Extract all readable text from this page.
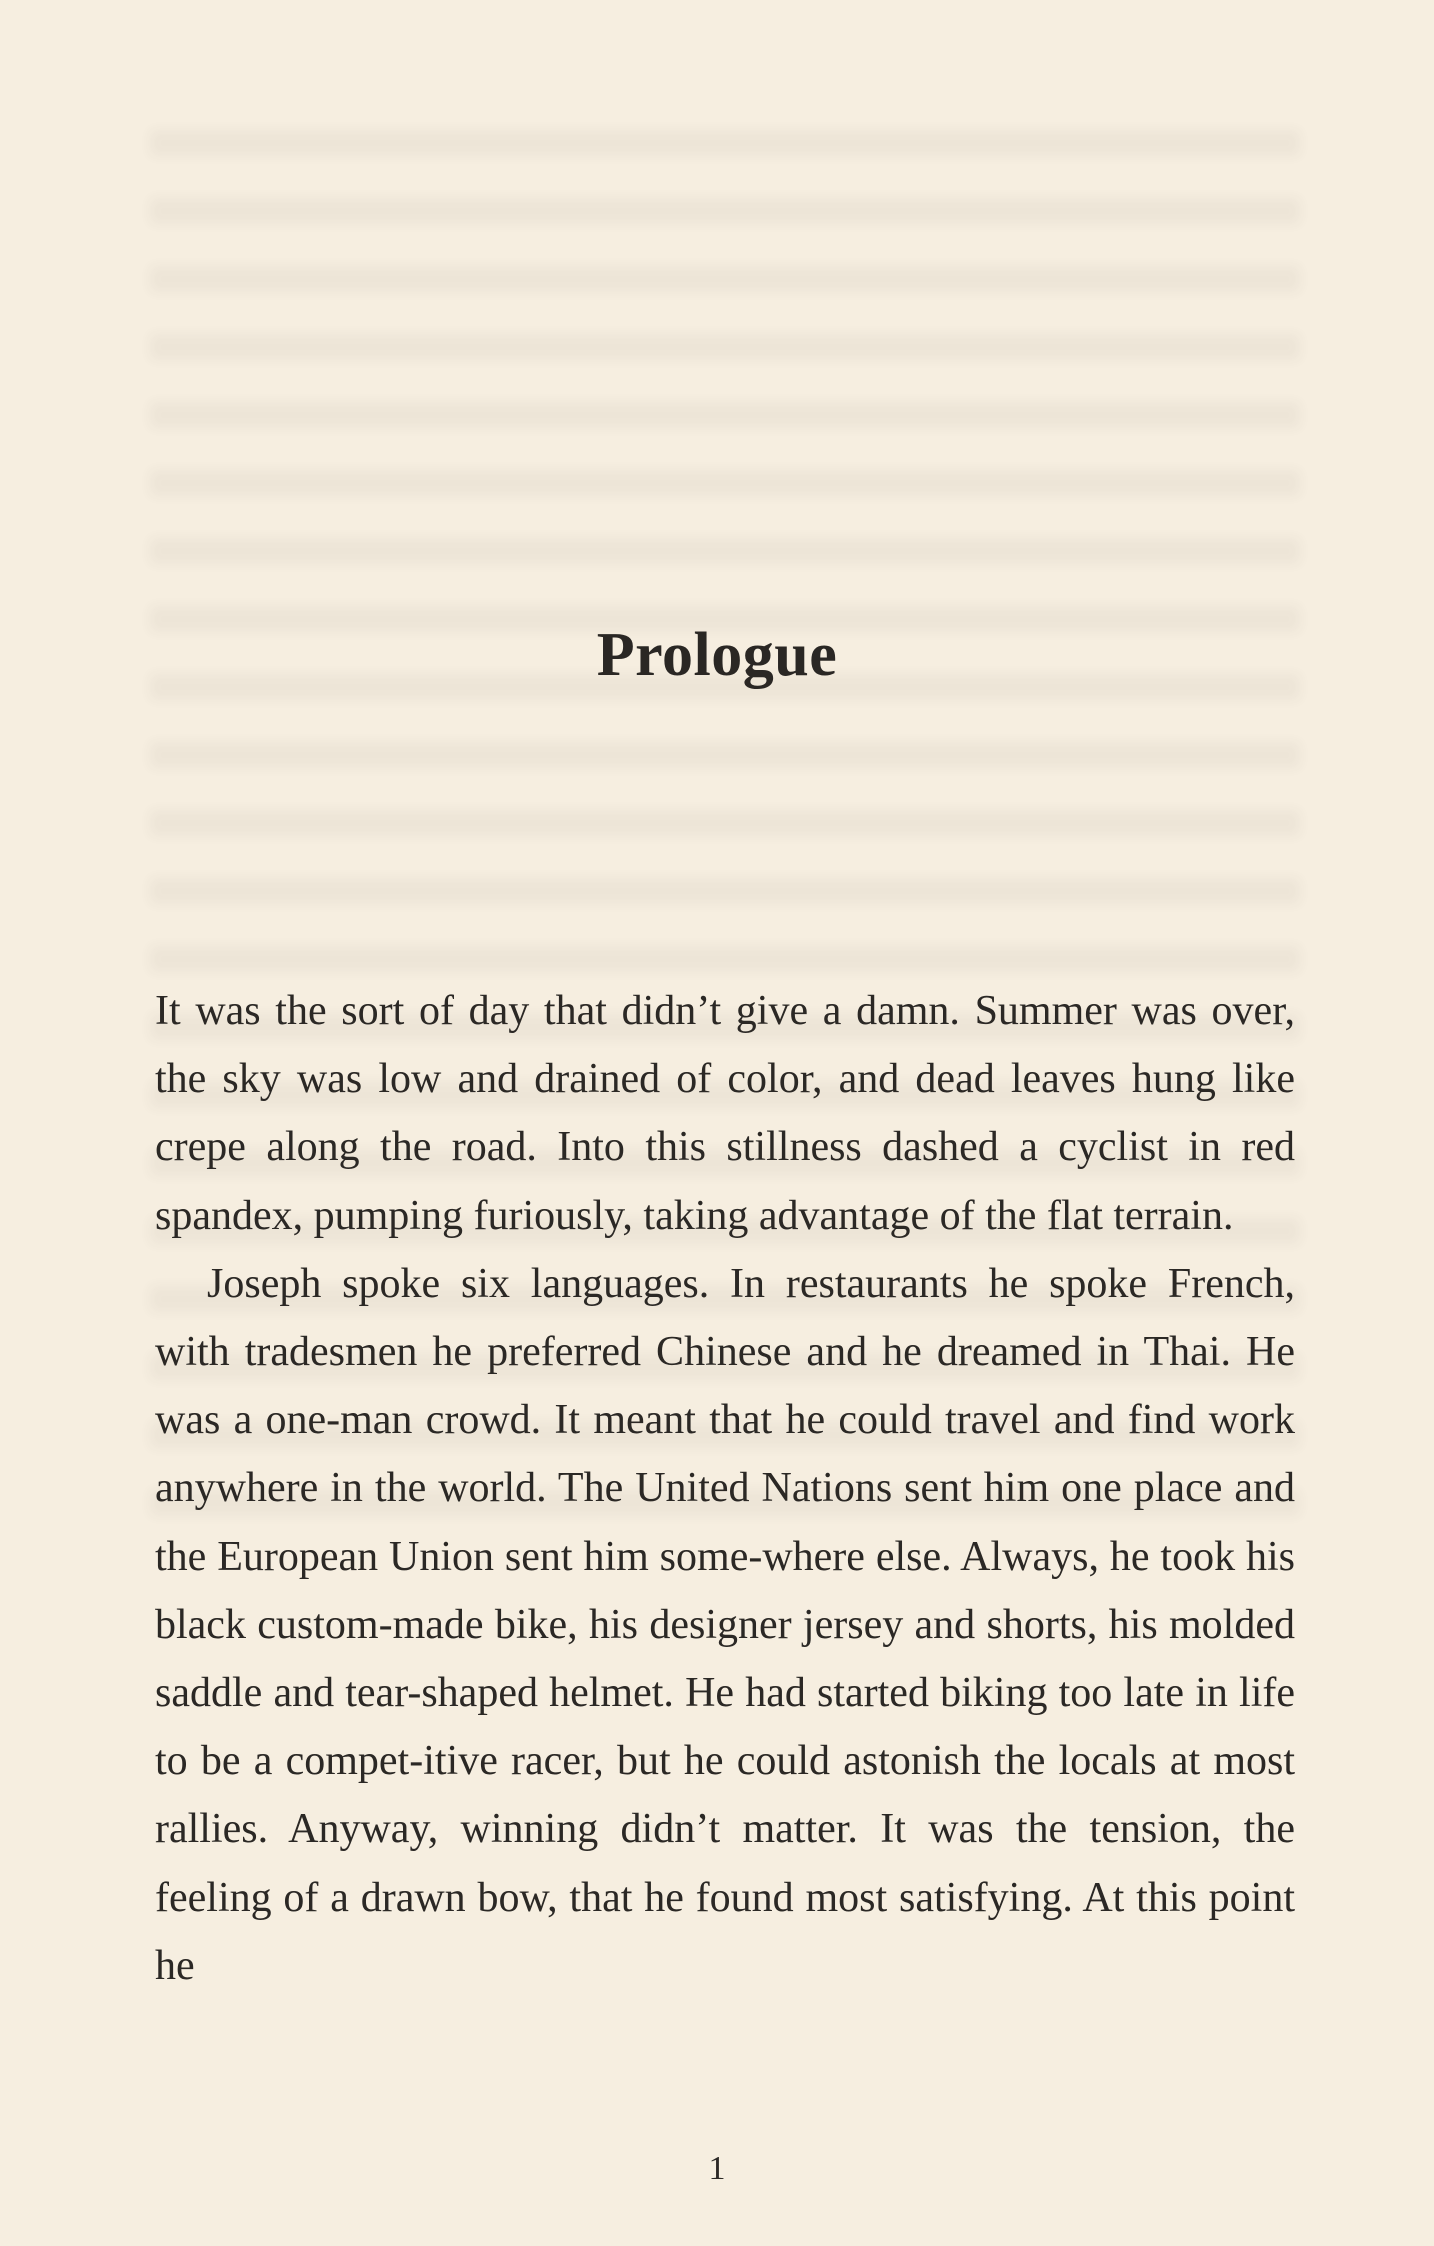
Prologue

It was the sort of day that didn’t give a damn. Summer was over, the sky was low and drained of color, and dead leaves hung like crepe along the road. Into this stillness dashed a cyclist in red spandex, pumping furiously, taking advantage of the flat terrain.

Joseph spoke six languages. In restaurants he spoke French, with tradesmen he preferred Chinese and he dreamed in Thai. He was a one-man crowd. It meant that he could travel and find work anywhere in the world. The United Nations sent him one place and the European Union sent him some-where else. Always, he took his black custom-made bike, his designer jersey and shorts, his molded saddle and tear-shaped helmet. He had started biking too late in life to be a compet-itive racer, but he could astonish the locals at most rallies. Anyway, winning didn’t matter. It was the tension, the feeling of a drawn bow, that he found most satisfying. At this point he

1
